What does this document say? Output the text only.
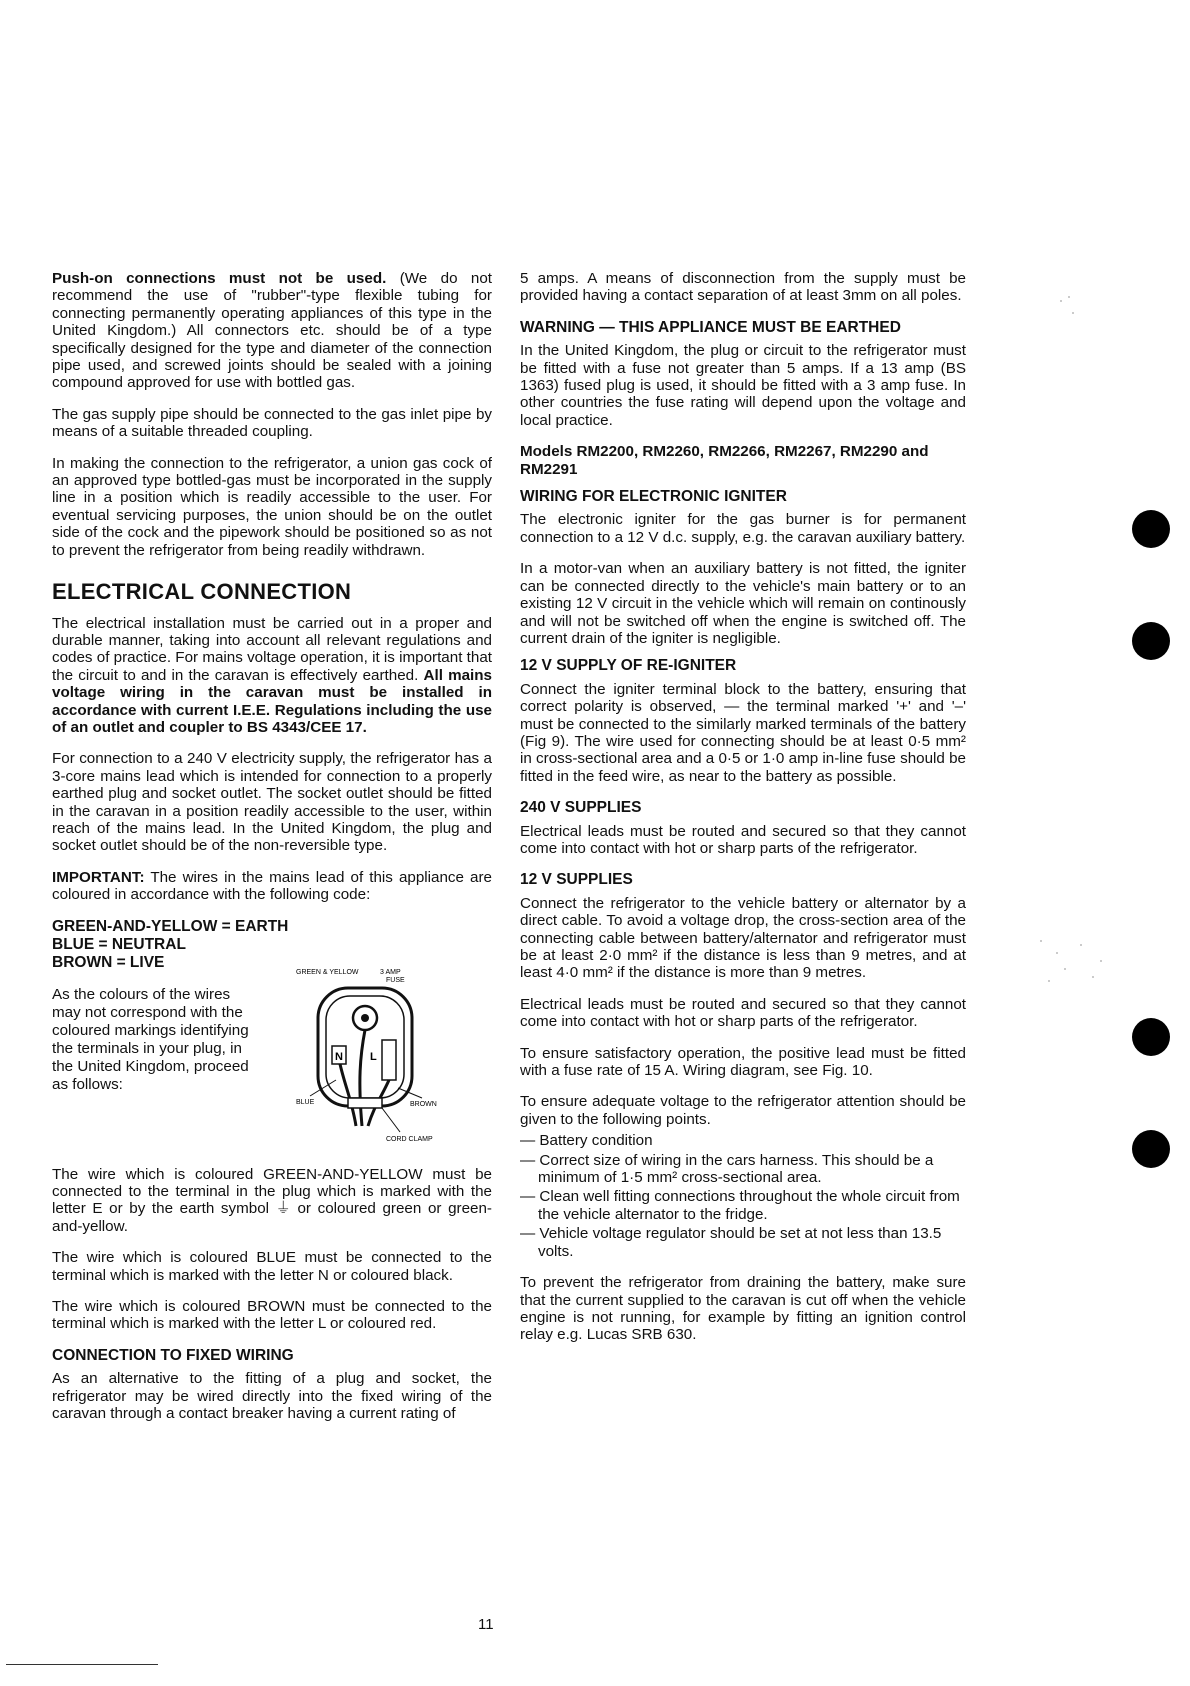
Push-on connections must not be used. (We do not recommend the use of "rubber"-type flexible tubing for connecting permanently operating appliances of this type in the United Kingdom.) All connectors etc. should be of a type specifically designed for the type and diameter of the connection pipe used, and screwed joints should be sealed with a joining compound approved for use with bottled gas.

The gas supply pipe should be connected to the gas inlet pipe by means of a suitable threaded coupling.

In making the connection to the refrigerator, a union gas cock of an approved type bottled-gas must be incorporated in the supply line in a position which is readily accessible to the user. For eventual servicing purposes, the union should be on the outlet side of the cock and the pipework should be positioned so as not to prevent the refrigerator from being readily withdrawn.

ELECTRICAL CONNECTION

The electrical installation must be carried out in a proper and durable manner, taking into account all relevant regulations and codes of practice. For mains voltage operation, it is important that the circuit to and in the caravan is effectively earthed. All mains voltage wiring in the caravan must be installed in accordance with current I.E.E. Regulations including the use of an outlet and coupler to BS 4343/CEE 17.

For connection to a 240 V electricity supply, the refrigerator has a 3-core mains lead which is intended for connection to a properly earthed plug and socket outlet. The socket outlet should be fitted in the caravan in a position readily accessible to the user, within reach of the mains lead. In the United Kingdom, the plug and socket outlet should be of the non-reversible type.

IMPORTANT: The wires in the mains lead of this appliance are coloured in accordance with the following code:

GREEN-AND-YELLOW = EARTH
BLUE = NEUTRAL
BROWN = LIVE
As the colours of the wires may not correspond with the coloured markings identifying the terminals in your plug, in the United Kingdom, proceed as follows:
GREEN & YELLOW	3 AMP
FUSE
N L
BLUE	BROWN
CORD CLAMP

The wire which is coloured GREEN-AND-YELLOW must be connected to the terminal in the plug which is marked with the letter E or by the earth symbol ⏚ or coloured green or green-and-yellow.

The wire which is coloured BLUE must be connected to the terminal which is marked with the letter N or coloured black.

The wire which is coloured BROWN must be connected to the terminal which is marked with the letter L or coloured red.

CONNECTION TO FIXED WIRING

As an alternative to the fitting of a plug and socket, the refrigerator may be wired directly into the fixed wiring of the caravan through a contact breaker having a current rating of

5 amps. A means of disconnection from the supply must be provided having a contact separation of at least 3mm on all poles.

WARNING — THIS APPLIANCE MUST BE EARTHED

In the United Kingdom, the plug or circuit to the refrigerator must be fitted with a fuse not greater than 5 amps. If a 13 amp (BS 1363) fused plug is used, it should be fitted with a 3 amp fuse. In other countries the fuse rating will depend upon the voltage and local practice.

Models RM2200, RM2260, RM2266, RM2267, RM2290 and RM2291
WIRING FOR ELECTRONIC IGNITER

The electronic igniter for the gas burner is for permanent connection to a 12 V d.c. supply, e.g. the caravan auxiliary battery.

In a motor-van when an auxiliary battery is not fitted, the igniter can be connected directly to the vehicle's main battery or to an existing 12 V circuit in the vehicle which will remain on continously and will not be switched off when the engine is switched off. The current drain of the igniter is negligible.

12 V SUPPLY OF RE-IGNITER

Connect the igniter terminal block to the battery, ensuring that correct polarity is observed, — the terminal marked '+' and '–' must be connected to the similarly marked terminals of the battery (Fig 9). The wire used for connecting should be at least 0·5 mm² in cross-sectional area and a 0·5 or 1·0 amp in-line fuse should be fitted in the feed wire, as near to the battery as possible.

240 V SUPPLIES

Electrical leads must be routed and secured so that they cannot come into contact with hot or sharp parts of the refrigerator.

12 V SUPPLIES

Connect the refrigerator to the vehicle battery or alternator by a direct cable. To avoid a voltage drop, the cross-section area of the connecting cable between battery/alternator and refrigerator must be at least 2·0 mm² if the distance is less than 9 metres, and at least 4·0 mm² if the distance is more than 9 metres.

Electrical leads must be routed and secured so that they cannot come into contact with hot or sharp parts of the refrigerator.

To ensure satisfactory operation, the positive lead must be fitted with a fuse rate of 15 A. Wiring diagram, see Fig. 10.

To ensure adequate voltage to the refrigerator attention should be given to the following points.

— Battery condition
— Correct size of wiring in the cars harness. This should be a minimum of 1·5 mm² cross-sectional area.
— Clean well fitting connections throughout the whole circuit from the vehicle alternator to the fridge.
— Vehicle voltage regulator should be set at not less than 13.5 volts.

To prevent the refrigerator from draining the battery, make sure that the current supplied to the caravan is cut off when the vehicle engine is not running, for example by fitting an ignition control relay e.g. Lucas SRB 630.

11
